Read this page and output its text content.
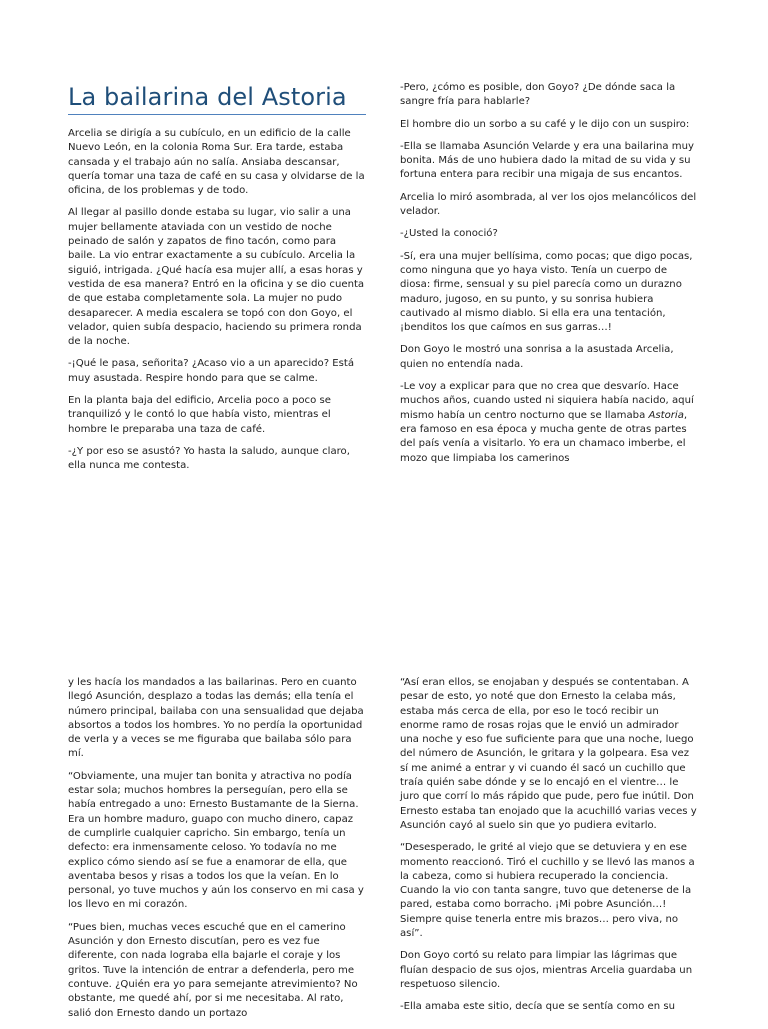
La bailarina del Astoria

Arcelia se dirigía a su cubículo, en un edificio de la calle Nuevo León, en la colonia Roma Sur. Era tarde, estaba cansada y el trabajo aún no salía. Ansiaba descansar, quería tomar una taza de café en su casa y olvidarse de la oficina, de los problemas y de todo.

Al llegar al pasillo donde estaba su lugar, vio salir a una mujer bellamente ataviada con un vestido de noche peinado de salón y zapatos de fino tacón, como para baile. La vio entrar exactamente a su cubículo. Arcelia la siguió, intrigada. ¿Qué hacía esa mujer allí, a esas horas y vestida de esa manera? Entró en la oficina y se dio cuenta de que estaba completamente sola. La mujer no pudo desaparecer. A media escalera se topó con don Goyo, el velador, quien subía despacio, haciendo su primera ronda de la noche.

-¡Qué le pasa, señorita? ¿Acaso vio a un aparecido? Está muy asustada. Respire hondo para que se calme.

En la planta baja del edificio, Arcelia poco a poco se tranquilizó y le contó lo que había visto, mientras el hombre le preparaba una taza de café.

-¿Y por eso se asustó? Yo hasta la saludo, aunque claro, ella nunca me contesta.

-Pero, ¿cómo es posible, don Goyo? ¿De dónde saca la sangre fría para hablarle?

El hombre dio un sorbo a su café y le dijo con un suspiro:

-Ella se llamaba Asunción Velarde y era una bailarina muy bonita. Más de uno hubiera dado la mitad de su vida y su fortuna entera para recibir una migaja de sus encantos.

Arcelia lo miró asombrada, al ver los ojos melancólicos del velador.

-¿Usted la conoció?

-Sí, era una mujer bellísima, como pocas; que digo pocas, como ninguna que yo haya visto. Tenía un cuerpo de diosa: firme, sensual y su piel parecía como un durazno maduro, jugoso, en su punto, y su sonrisa hubiera cautivado al mismo diablo. Si ella era una tentación, ¡benditos los que caímos en sus garras…!

Don Goyo le mostró una sonrisa a la asustada Arcelia, quien no entendía nada.

-Le voy a explicar para que no crea que desvarío. Hace muchos años, cuando usted ni siquiera había nacido, aquí mismo había un centro nocturno que se llamaba Astoria, era famoso en esa época y mucha gente de otras partes del país venía a visitarlo. Yo era un chamaco imberbe, el mozo que limpiaba los camerinos

y les hacía los mandados a las bailarinas. Pero en cuanto llegó Asunción, desplazo a todas las demás; ella tenía el número principal, bailaba con una sensualidad que dejaba absortos a todos los hombres. Yo no perdía la oportunidad de verla y a veces se me figuraba que bailaba sólo para mí.

“Obviamente, una mujer tan bonita y atractiva no podía estar sola; muchos hombres la perseguían, pero ella se había entregado a uno: Ernesto Bustamante de la Sierna. Era un hombre maduro, guapo con mucho dinero, capaz de cumplirle cualquier capricho. Sin embargo, tenía un defecto: era inmensamente celoso. Yo todavía no me explico cómo siendo así se fue a enamorar de ella, que aventaba besos y risas a todos los que la veían. En lo personal, yo tuve muchos y aún los conservo en mi casa y los llevo en mi corazón.

“Pues bien, muchas veces escuché que en el camerino Asunción y don Ernesto discutían, pero es vez fue diferente, con nada lograba ella bajarle el coraje y los gritos. Tuve la intención de entrar a defenderla, pero me contuve. ¿Quién era yo para semejante atrevimiento? No obstante, me quedé ahí, por si me necesitaba. Al rato, salió don Ernesto dando un portazo

“Así eran ellos, se enojaban y después se contentaban. A pesar de esto, yo noté que don Ernesto la celaba más, estaba más cerca de ella, por eso le tocó recibir un enorme ramo de rosas rojas que le envió un admirador una noche y eso fue suficiente para que una noche, luego del número de Asunción, le gritara y la golpeara. Esa vez sí me animé a entrar y vi cuando él sacó un cuchillo que traía quién sabe dónde y se lo encajó en el vientre… le juro que corrí lo más rápido que pude, pero fue inútil. Don Ernesto estaba tan enojado que la acuchilló varias veces y Asunción cayó al suelo sin que yo pudiera evitarlo.

“Desesperado, le grité al viejo que se detuviera y en ese momento reaccionó. Tiró el cuchillo y se llevó las manos a la cabeza, como si hubiera recuperado la conciencia. Cuando la vio con tanta sangre, tuvo que detenerse de la pared, estaba como borracho. ¡Mi pobre Asunción…! Siempre quise tenerla entre mis brazos… pero viva, no así”.

Don Goyo cortó su relato para limpiar las lágrimas que fluían despacio de sus ojos, mientras Arcelia guardaba un respetuoso silencio.

-Ella amaba este sitio, decía que se sentía como en su
